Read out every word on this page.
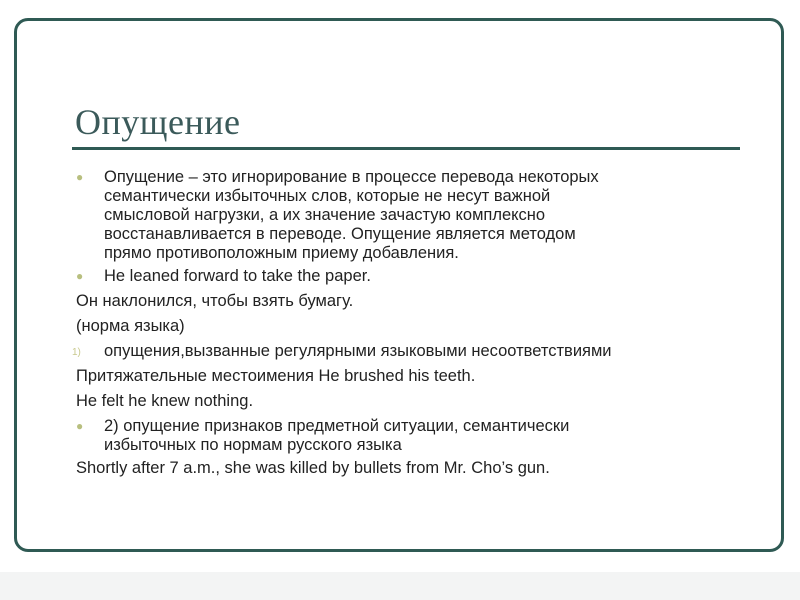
Опущение
●	Опущение – это игнорирование в процессе перевода некоторых
семантически избыточных слов, которые не несут важной
смысловой нагрузки, а их значение зачастую комплексно
восстанавливается в переводе. Опущение является методом
прямо противоположным приему добавления.
●	He leaned forward to take the paper.
Он наклонился, чтобы взять бумагу.
(норма языка)
1)	опущения,вызванные регулярными языковыми несоответствиями
Притяжательные местоимения He brushed his teeth.
He felt he knew nothing.
●	2) опущение признаков предметной ситуации, семантически
избыточных по нормам русского языка
Shortly after 7 a.m., she was killed by bullets from Mr. Cho’s gun.
